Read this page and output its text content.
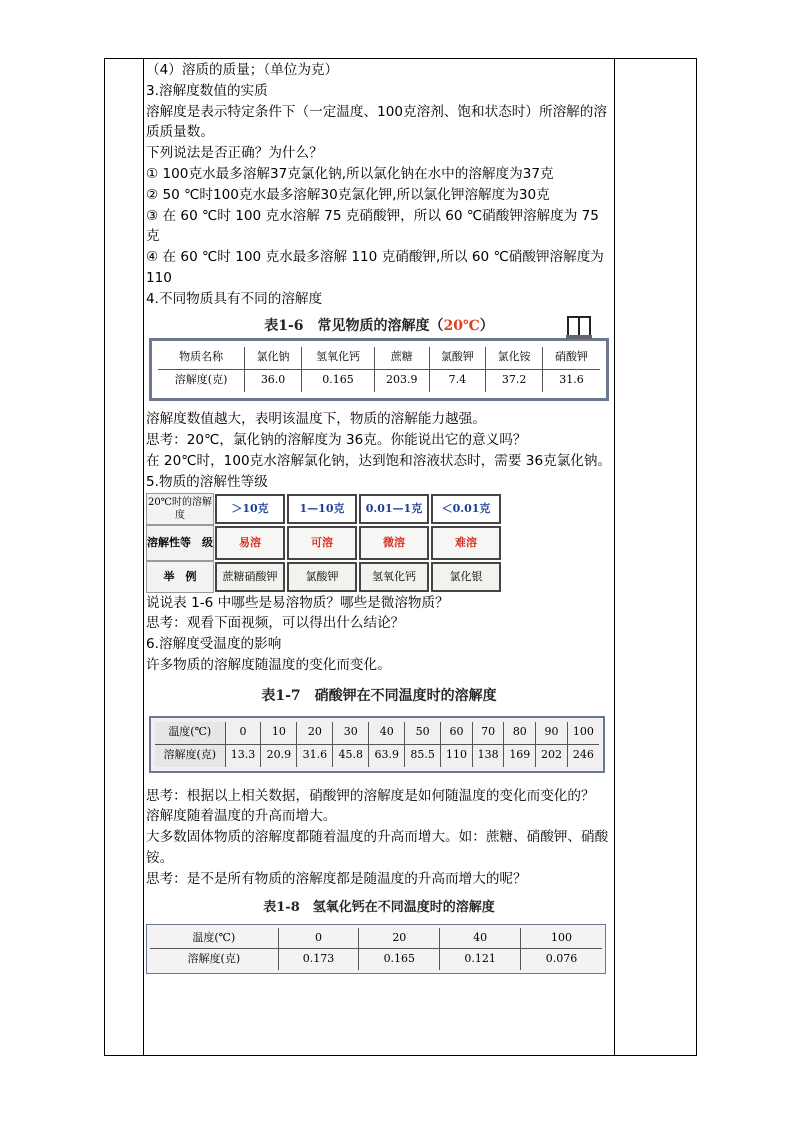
（4）溶质的质量；（单位为克）

3.溶解度数值的实质

溶解度是表示特定条件下（一定温度、100克溶剂、饱和状态时）所溶解的溶质质量数。

下列说法是否正确？为什么？

① 100克水最多溶解37克氯化钠,所以氯化钠在水中的溶解度为37克

② 50 ℃时100克水最多溶解30克氯化钾,所以氯化钾溶解度为30克

③ 在 60 ℃时 100 克水溶解 75 克硝酸钾，所以 60 ℃硝酸钾溶解度为 75 克

④ 在 60 ℃时 100 克水最多溶解 110 克硝酸钾,所以 60 ℃硝酸钾溶解度为 110

4.不同物质具有不同的溶解度

表1-6　常见物质的溶解度（20℃）
物质名称	氯化钠	氢氧化钙	蔗糖	氯酸钾	氯化铵	硝酸钾
溶解度(克)	36.0	0.165	203.9	7.4	37.2	31.6

溶解度数值越大，表明该温度下，物质的溶解能力越强。

思考：20℃，氯化钠的溶解度为 36克。你能说出它的意义吗？

在 20℃时，100克水溶解氯化钠，达到饱和溶液状态时，需要 36克氯化钠。

5.物质的溶解性等级

20℃时的溶解度	＞10克	1—10克	0.01—1克	＜0.01克
溶解性等　级	易溶	可溶	微溶	难溶
举　例	蔗糖硝酸钾	氯酸钾	氢氧化钙	氯化银

说说表 1-6 中哪些是易溶物质？哪些是微溶物质？

思考：观看下面视频，可以得出什么结论？

6.溶解度受温度的影响

许多物质的溶解度随温度的变化而变化。

表1-7　硝酸钾在不同温度时的溶解度
温度(℃)	0	10	20	30	40	50	60	70	80	90	100
溶解度(克)	13.3	20.9	31.6	45.8	63.9	85.5	110	138	169	202	246

思考：根据以上相关数据，硝酸钾的溶解度是如何随温度的变化而变化的？

溶解度随着温度的升高而增大。

大多数固体物质的溶解度都随着温度的升高而增大。如：蔗糖、硝酸钾、硝酸铵。

思考：是不是所有物质的溶解度都是随温度的升高而增大的呢？

表1-8　氢氧化钙在不同温度时的溶解度
温度(℃)	0	20	40	100
溶解度(克)	0.173	0.165	0.121	0.076
